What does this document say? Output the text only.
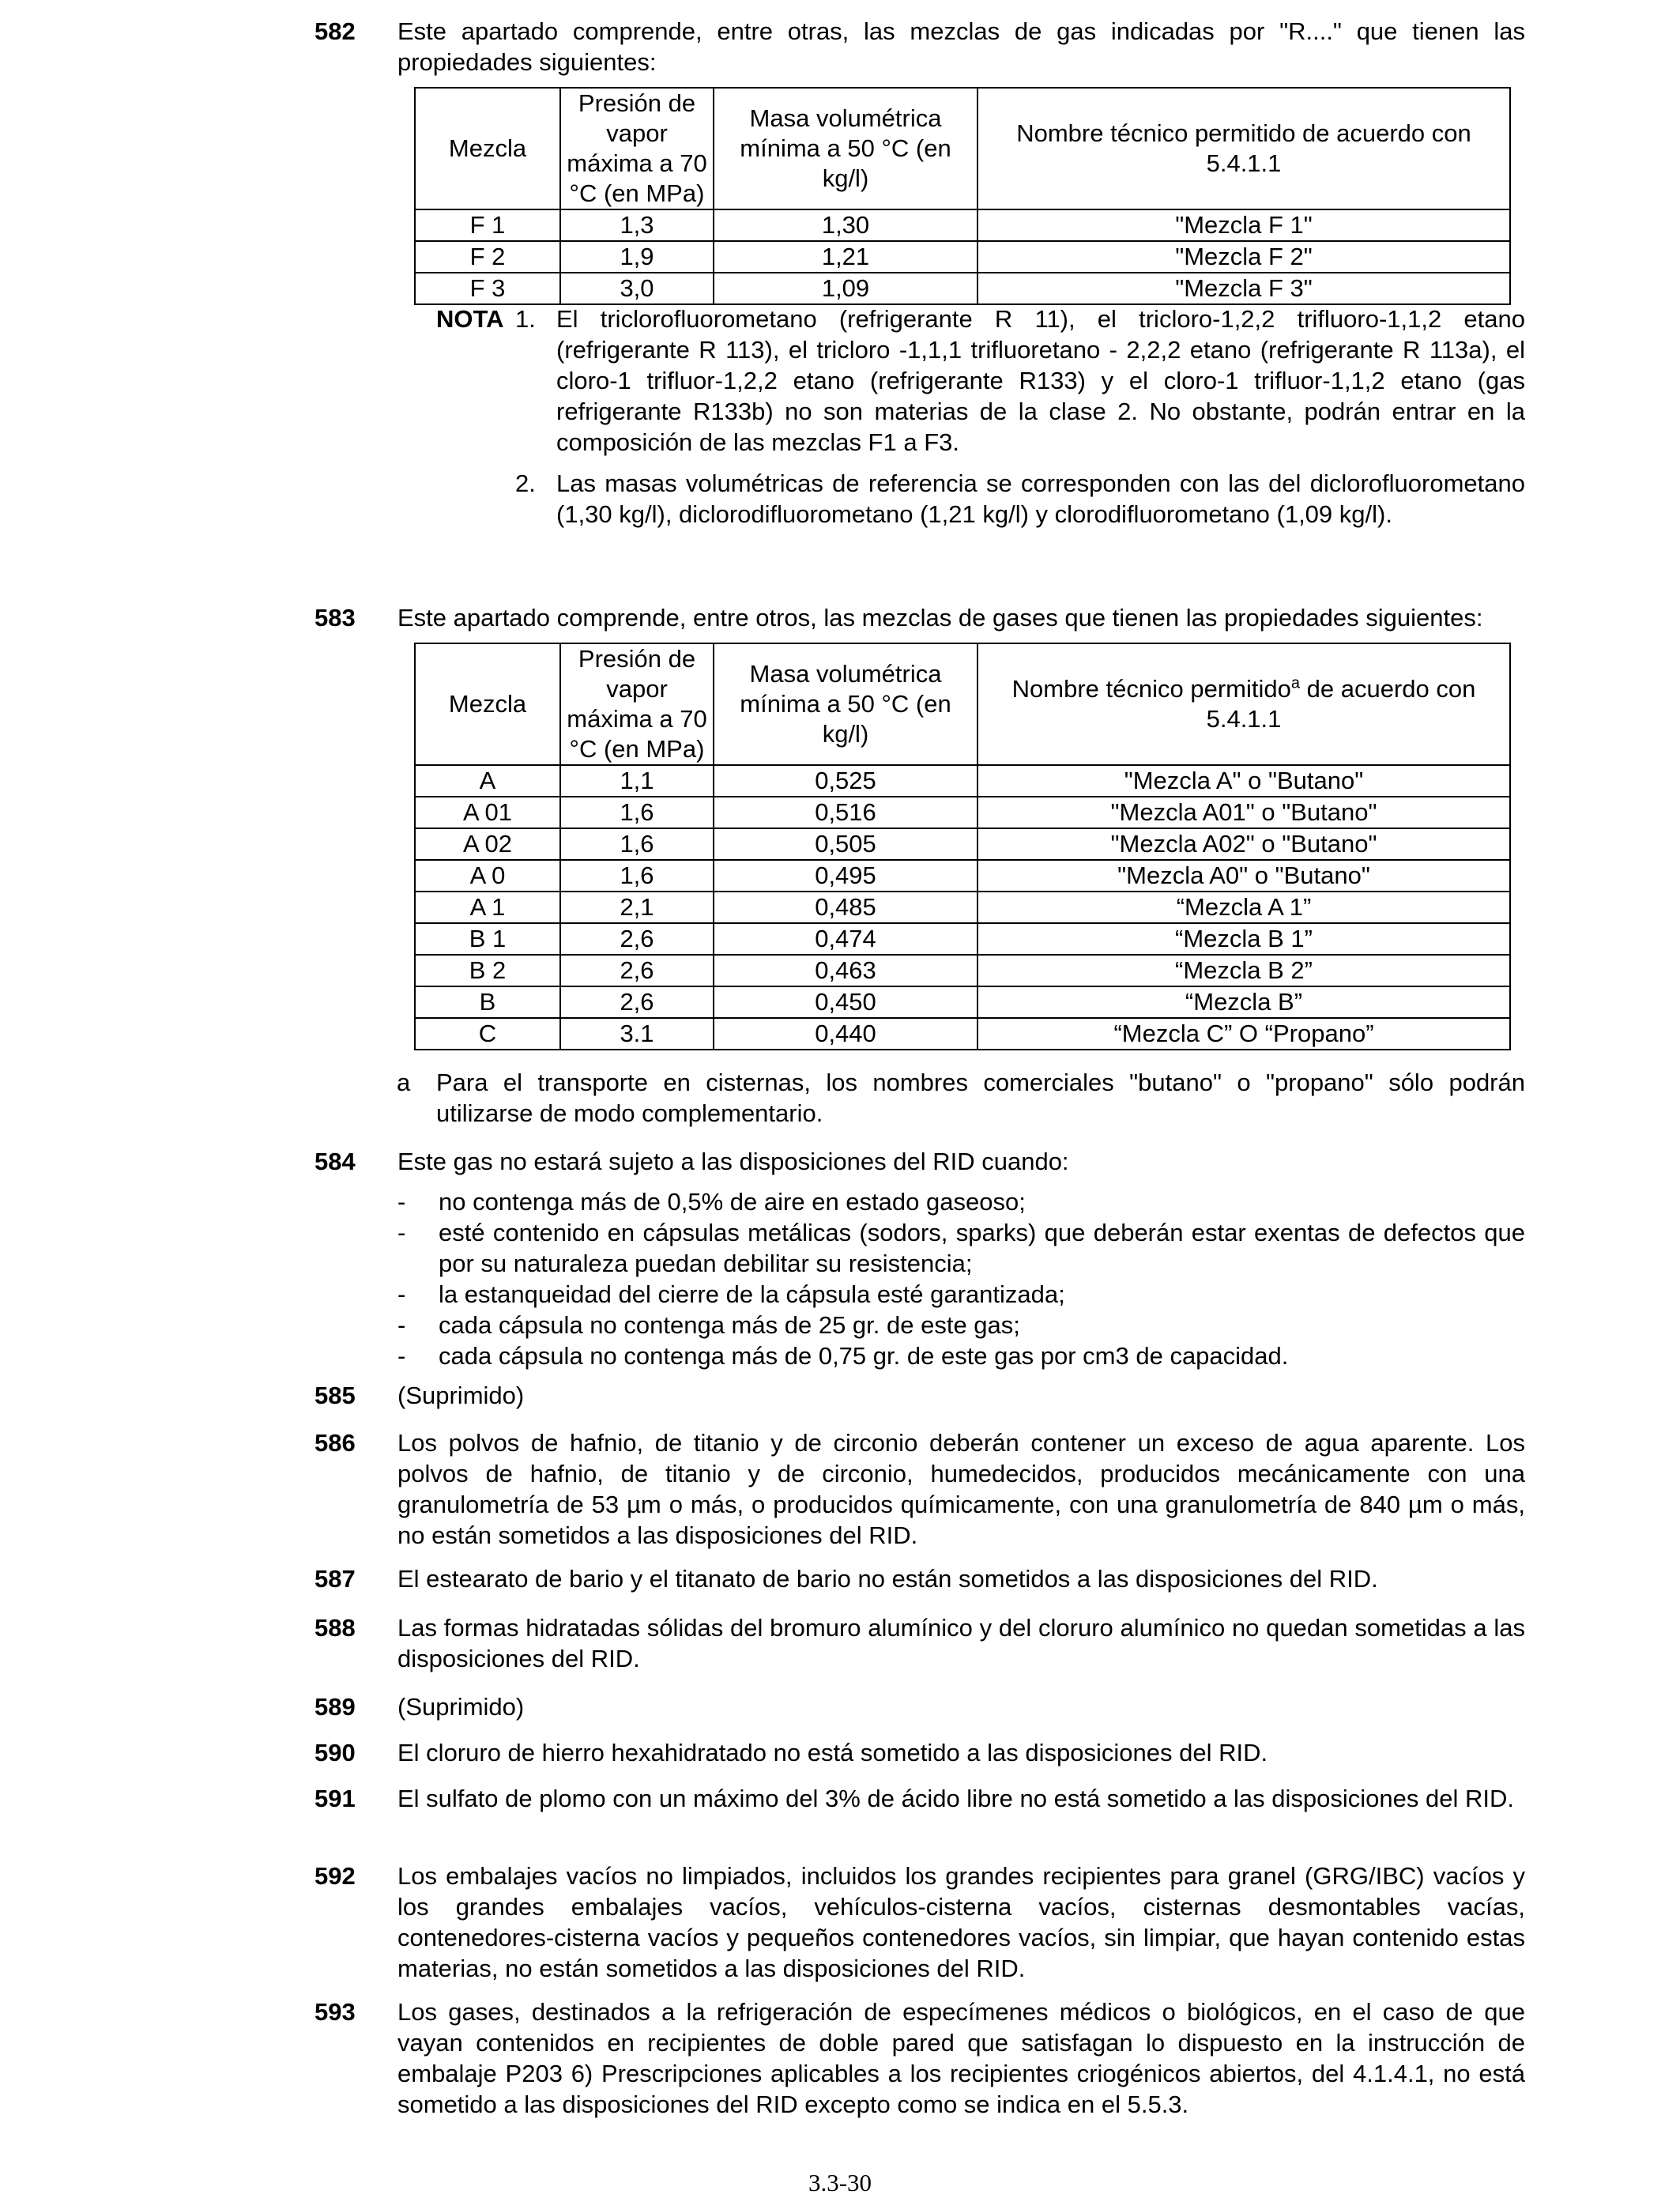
582	Este apartado comprende, entre otras, las mezclas de gas indicadas por "R...." que tienen las propiedades siguientes:

Mezcla	Presión de vapor máxima a 70 °C (en MPa)	Masa volumétrica mínima a 50 °C (en kg/l)	Nombre técnico permitido de acuerdo con 5.4.1.1
F 1	1,3	1,30	"Mezcla F 1"
F 2	1,9	1,21	"Mezcla F 2"
F 3	3,0	1,09	"Mezcla F 3"
NOTA 1. El triclorofluorometano (refrigerante R 11), el tricloro-1,2,2 trifluoro-1,1,2 etano (refrigerante R 113), el tricloro -1,1,1 trifluoretano - 2,2,2 etano (refrigerante R 113a), el cloro-1 trifluor-1,2,2 etano (refrigerante R133) y el cloro-1 trifluor-1,1,2 etano (gas refrigerante R133b) no son materias de la clase 2. No obstante, podrán entrar en la composición de las mezclas F1 a F3.
2. Las masas volumétricas de referencia se corresponden con las del diclorofluorometano (1,30 kg/l), diclorodifluorometano (1,21 kg/l) y clorodifluorometano (1,09 kg/l).
583	Este apartado comprende, entre otros, las mezclas de gases que tienen las propiedades siguientes:

Mezcla	Presión de vapor máxima a 70 °C (en MPa)	Masa volumétrica mínima a 50 °C (en kg/l)	Nombre técnico permitido$^a$ de acuerdo con 5.4.1.1
A	1,1	0,525	"Mezcla A" o "Butano"
A 01	1,6	0,516	"Mezcla A01" o "Butano"
A 02	1,6	0,505	"Mezcla A02" o "Butano"
A 0	1,6	0,495	"Mezcla A0" o "Butano"
A 1	2,1	0,485	“Mezcla A 1”
B 1	2,6	0,474	“Mezcla B 1”
B 2	2,6	0,463	“Mezcla B 2”
B	2,6	0,450	“Mezcla B”
C	3.1	0,440	“Mezcla C” O “Propano”
a Para el transporte en cisternas, los nombres comerciales "butano" o "propano" sólo podrán utilizarse de modo complementario.
584	Este gas no estará sujeto a las disposiciones del RID cuando:

- no contenga más de 0,5% de aire en estado gaseoso;
- esté contenido en cápsulas metálicas (sodors, sparks) que deberán estar exentas de defectos que por su naturaleza puedan debilitar su resistencia;
- la estanqueidad del cierre de la cápsula esté garantizada;
- cada cápsula no contenga más de 25 gr. de este gas;
- cada cápsula no contenga más de 0,75 gr. de este gas por cm3 de capacidad.
585	(Suprimido)
586	Los polvos de hafnio, de titanio y de circonio deberán contener un exceso de agua aparente. Los polvos de hafnio, de titanio y de circonio, humedecidos, producidos mecánicamente con una granulometría de 53 µm o más, o producidos químicamente, con una granulometría de 840 µm o más, no están sometidos a las disposiciones del RID.
587	El estearato de bario y el titanato de bario no están sometidos a las disposiciones del RID.
588	Las formas hidratadas sólidas del bromuro alumínico y del cloruro alumínico no quedan sometidas a las disposiciones del RID.
589	(Suprimido)
590	El cloruro de hierro hexahidratado no está sometido a las disposiciones del RID.
591	El sulfato de plomo con un máximo del 3% de ácido libre no está sometido a las disposiciones del RID.
592	Los embalajes vacíos no limpiados, incluidos los grandes recipientes para granel (GRG/IBC) vacíos y los grandes embalajes vacíos, vehículos-cisterna vacíos, cisternas desmontables vacías, contenedores-cisterna vacíos y pequeños contenedores vacíos, sin limpiar, que hayan contenido estas materias, no están sometidos a las disposiciones del RID.
593	Los gases, destinados a la refrigeración de especímenes médicos o biológicos, en el caso de que vayan contenidos en recipientes de doble pared que satisfagan lo dispuesto en la instrucción de embalaje P203 6) Prescripciones aplicables a los recipientes criogénicos abiertos, del 4.1.4.1, no está sometido a las disposiciones del RID excepto como se indica en el 5.5.3.
3.3-30
